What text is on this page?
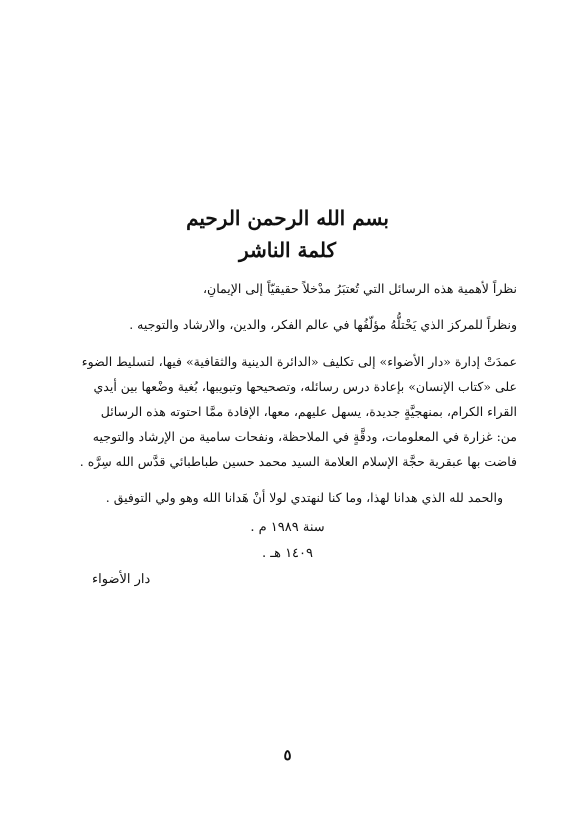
بسم الله الرحمن الرحيم
كلمة الناشر
نظراً لأهمية هذه الرسائل التي تُعتبَرُ مدْخلاً حقيقيّاً إلى الإيمانِ،
ونظراً للمركز الذي يَحْتلُّهُ مؤلّفُها في عالم الفكر، والدين، والارشاد والتوجيه .
عمدَتْ إدارة «دار الأضواء» إلى تكليف «الدائرة الدينية والثقافية» فيها، لتسليط الضوء
على «كتاب الإنسان» بإعادة درس رسائله، وتصحيحها وتبويبها، بُغية وضْعها بين أيدي
القراء الكرام، بمنهجيَّةٍ جديدة، يسهل عليهم، معها، الإفادة ممَّا احتوته هذه الرسائل
من: غزارة في المعلومات، ودقَّةٍ في الملاحظة، ونفحات سامية من الإرشاد والتوجيه
فاضت بها عبقرية حجَّة الإسلام العلامة السيد محمد حسين طباطبائي قدَّس الله سِرَّه .
والحمد لله الذي هدانا لهذا، وما كنا لنهتدي لولا أنْ هَدانا الله وهو ولي التوفيق .
سنة ١٩٨٩ م .
١٤٠٩ هـ .
دار الأضواء
٥
